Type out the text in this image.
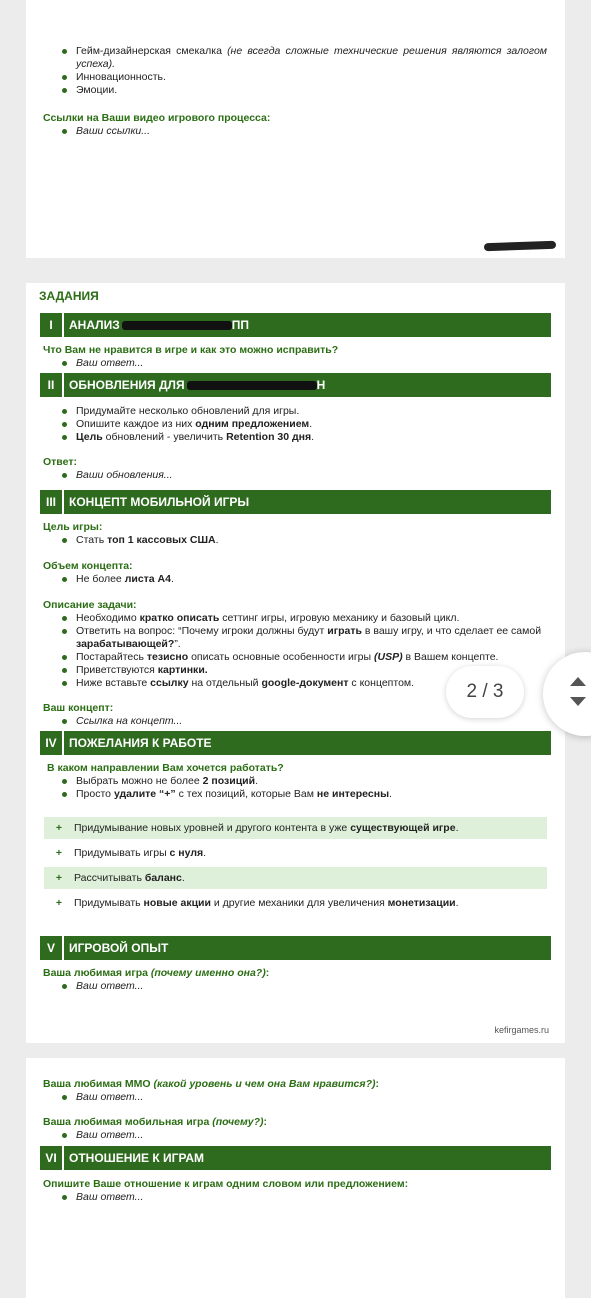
Гейм-дизайнерская смекалка (не всегда сложные технические решения являются залогом успеха).
Инновационность.
Эмоции.
Ссылки на Ваши видео игрового процесса:
Ваши ссылки...
ЗАДАНИЯ
I	АНАЛИЗ	ПП
Что Вам не нравится в игре и как это можно исправить?
Ваш ответ...
II	ОБНОВЛЕНИЯ ДЛЯ	Н
Придумайте несколько обновлений для игры.
Опишите каждое из них одним предложением.
Цель обновлений - увеличить Retention 30 дня.
Ответ:
Ваши обновления...
III	КОНЦЕПТ МОБИЛЬНОЙ ИГРЫ
Цель игры:
Стать топ 1 кассовых США.
Объем концепта:
Не более листа А4.
Описание задачи:
Необходимо кратко описать сеттинг игры, игровую механику и базовый цикл.
Ответить на вопрос: “Почему игроки должны будут играть в вашу игру, и что сделает ее самой зарабатывающей?”.
Постарайтесь тезисно описать основные особенности игры (USP) в Вашем концепте.
Приветствуются картинки.
Ниже вставьте ссылку на отдельный google-документ с концептом.
Ваш концепт:
Ссылка на концепт...
IV	ПОЖЕЛАНИЯ К РАБОТЕ
В каком направлении Вам хочется работать?
Выбрать можно не более 2 позиций.
Просто удалите “+” с тех позиций, которые Вам не интересны.
+	Придумывание новых уровней и другого контента в уже существующей игре.
+	Придумывать игры с нуля.
+	Рассчитывать баланс.
+	Придумывать новые акции и другие механики для увеличения монетизации.
V	ИГРОВОЙ ОПЫТ
Ваша любимая игра (почему именно она?):
Ваш ответ...
kefirgames.ru
Ваша любимая ММО (какой уровень и чем она Вам нравится?):
Ваш ответ...
Ваша любимая мобильная игра (почему?):
Ваш ответ...
VI	ОТНОШЕНИЕ К ИГРАМ
Опишите Ваше отношение к играм одним словом или предложением:
Ваш ответ...
2 / 3
